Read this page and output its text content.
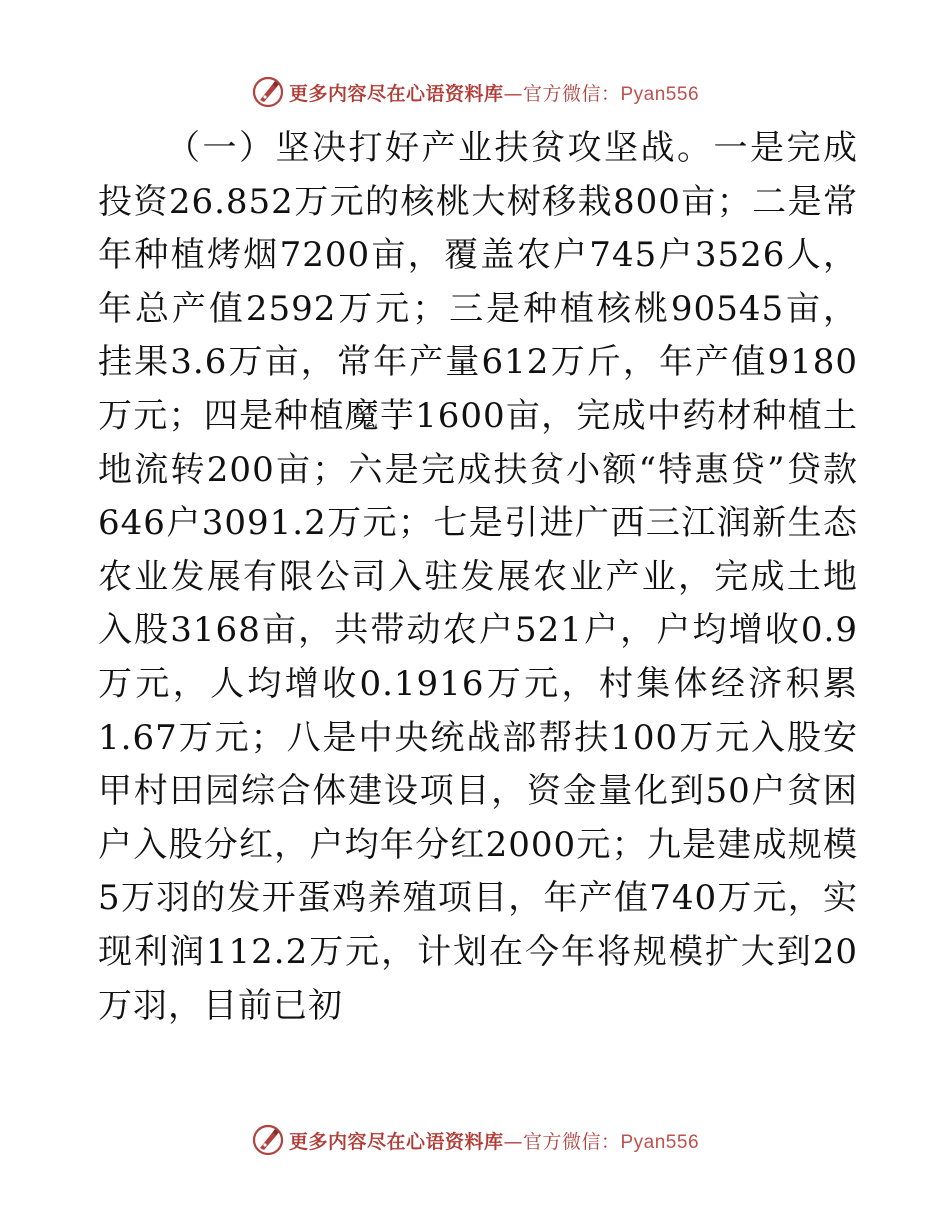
更多内容尽在心语资料库—官方微信：Pyan556

（一）坚决打好产业扶贫攻坚战。一是完成投资26.852万元的核桃大树移栽800亩；二是常年种植烤烟7200亩，覆盖农户745户3526人，年总产值2592万元；三是种植核桃90545亩，挂果3.6万亩，常年产量612万斤，年产值9180万元；四是种植魔芋1600亩，完成中药材种植土地流转200亩；六是完成扶贫小额“特惠贷”贷款646户3091.2万元；七是引进广西三江润新生态农业发展有限公司入驻发展农业产业，完成土地入股3168亩，共带动农户521户，户均增收0.9万元，人均增收0.1916万元，村集体经济积累1.67万元；八是中央统战部帮扶100万元入股安甲村田园综合体建设项目，资金量化到50户贫困户入股分红，户均年分红2000元；九是建成规模5万羽的发开蛋鸡养殖项目，年产值740万元，实现利润112.2万元，计划在今年将规模扩大到20万羽，目前已初

更多内容尽在心语资料库—官方微信：Pyan556
